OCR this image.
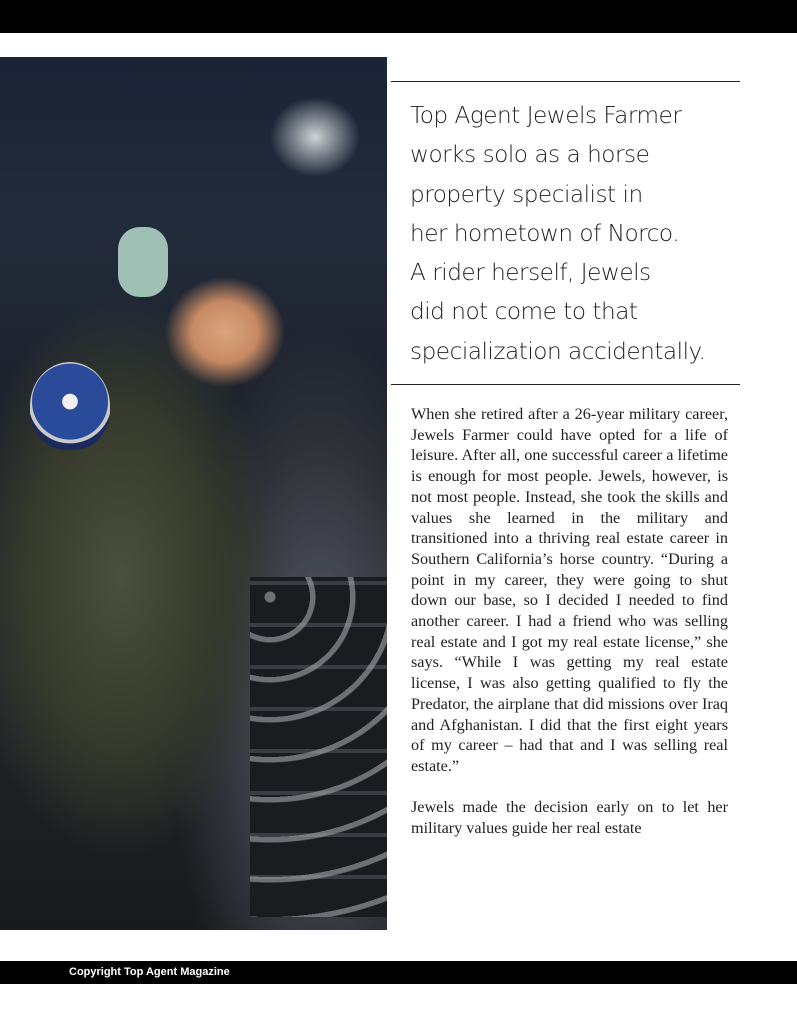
Top Agent Jewels Farmer
works solo as a horse
property specialist in
her hometown of Norco.
A rider herself, Jewels
did not come to that
specialization accidentally.

When she retired after a 26-year military career, Jewels Farmer could have opted for a life of leisure. After all, one successful career a lifetime is enough for most people. Jewels, however, is not most people. Instead, she took the skills and values she learned in the military and transitioned into a thriving real estate career in Southern California’s horse country. “During a point in my career, they were going to shut down our base, so I decided I needed to find another career. I had a friend who was selling real estate and I got my real estate license,” she says. “While I was getting my real estate license, I was also getting qualified to fly the Predator, the airplane that did missions over Iraq and Afghanistan. I did that the first eight years of my career – had that and I was selling real estate.”

Jewels made the decision early on to let her military values guide her real estate

Copyright Top Agent Magazine
